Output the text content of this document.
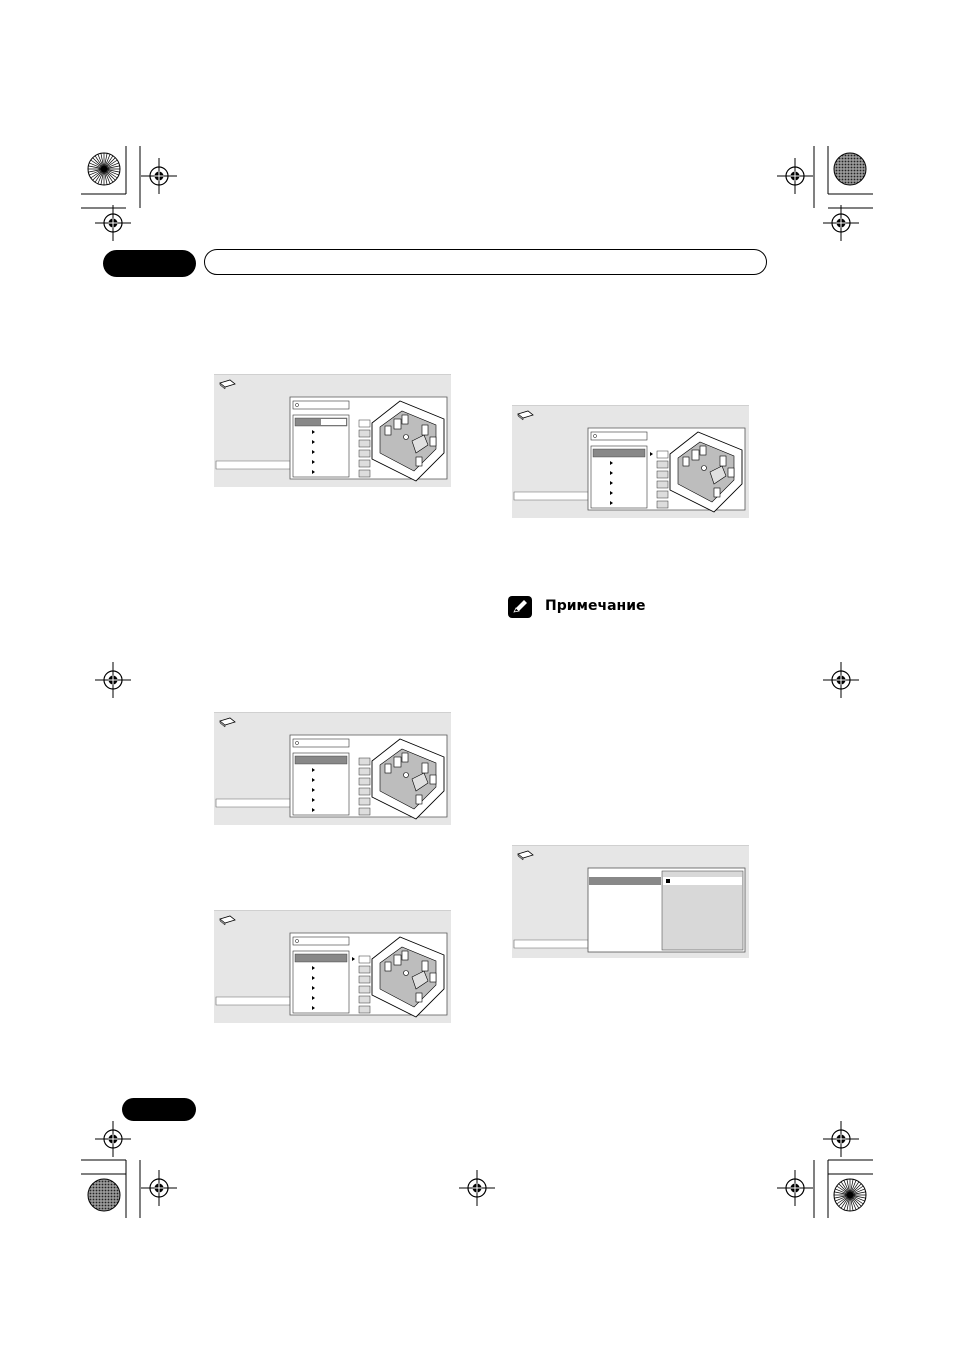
Примечание
